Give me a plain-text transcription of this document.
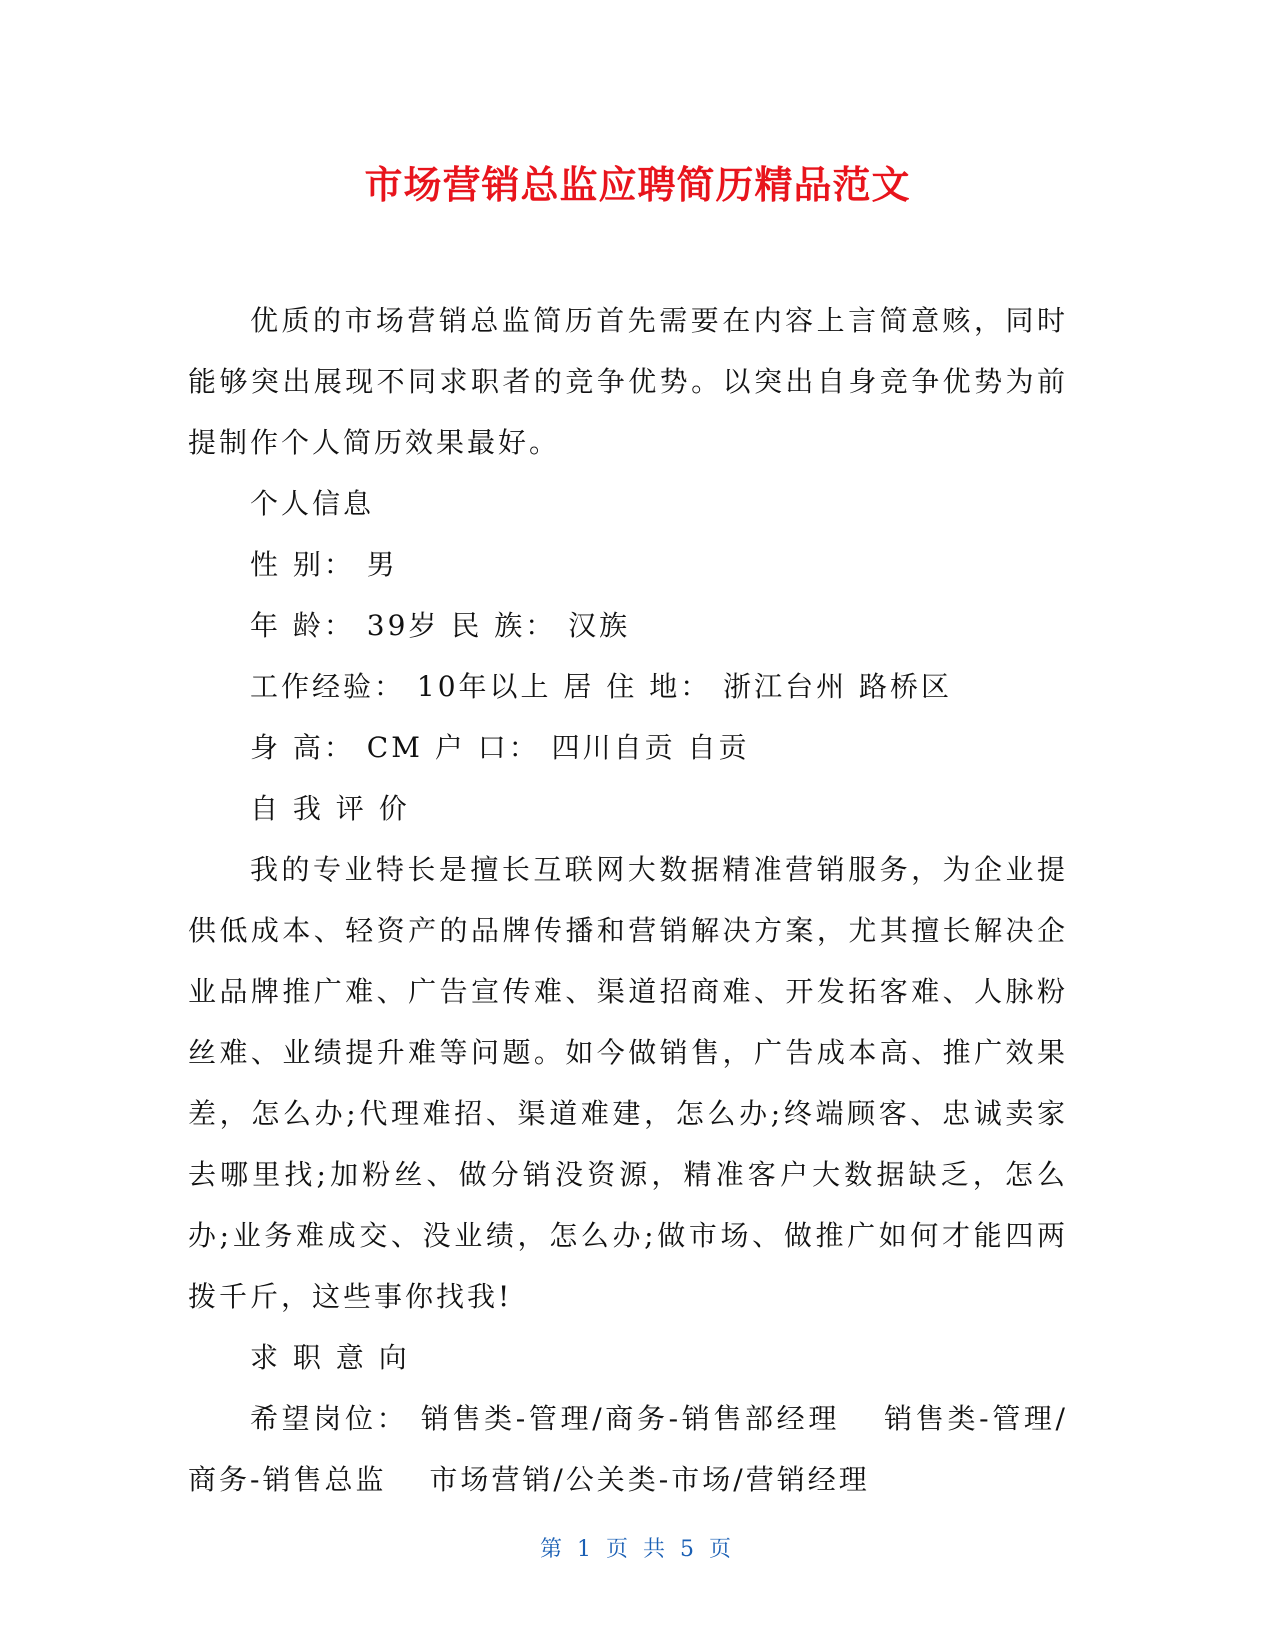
市场营销总监应聘简历精品范文

优质的市场营销总监简历首先需要在内容上言简意赅，同时能够突出展现不同求职者的竞争优势。以突出自身竞争优势为前提制作个人简历效果最好。

个人信息

性 别： 男

年 龄： 39岁 民 族： 汉族

工作经验： 10年以上 居 住 地： 浙江台州 路桥区

身 高： CM 户 口： 四川自贡 自贡

自 我 评 价

我的专业特长是擅长互联网大数据精准营销服务，为企业提供低成本、轻资产的品牌传播和营销解决方案，尤其擅长解决企业品牌推广难、广告宣传难、渠道招商难、开发拓客难、人脉粉丝难、业绩提升难等问题。如今做销售，广告成本高、推广效果差，怎么办;代理难招、渠道难建，怎么办;终端顾客、忠诚卖家去哪里找;加粉丝、做分销没资源，精准客户大数据缺乏，怎么办;业务难成交、没业绩，怎么办;做市场、做推广如何才能四两拨千斤，这些事你找我!

求 职 意 向

希望岗位： 销售类-管理/商务-销售部经理　 销售类-管理/商务-销售总监　 市场营销/公关类-市场/营销经理

第 1 页 共 5 页
